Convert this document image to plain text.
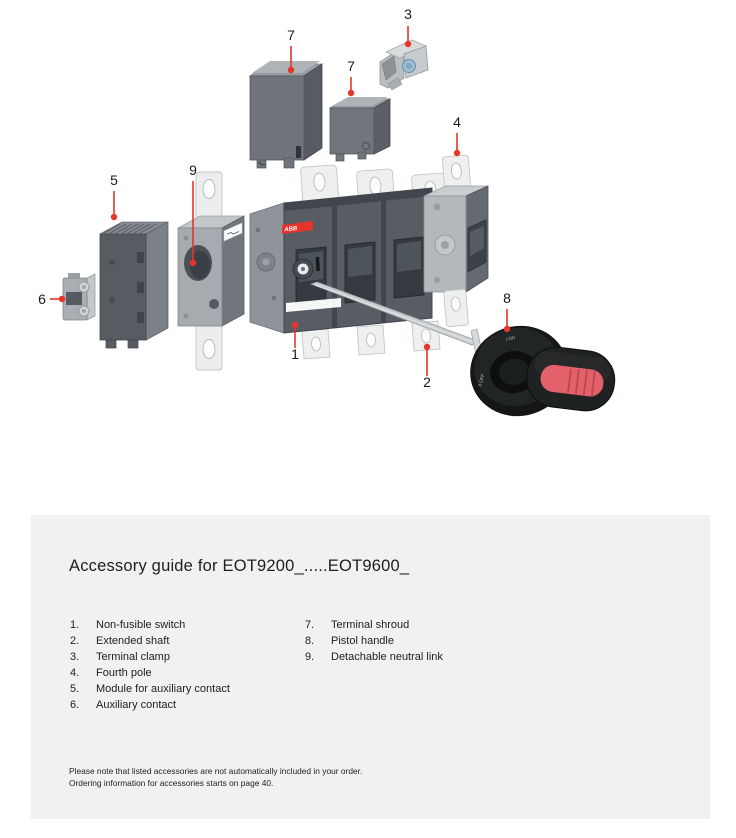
ABB
I ON
0 OFF
1
2
3
4
5
6
7
7
8
9
Accessory guide for EOT9200_.....EOT9600_
1.	Non-fusible switch
2.	Extended shaft
3.	Terminal clamp
4.	Fourth pole
5.	Module for auxiliary contact
6.	Auxiliary contact
7.	Terminal shroud
8.	Pistol handle
9.	Detachable neutral link
Please note that listed accessories are not automatically included in your order.
Ordering information for accessories starts on page 40.
